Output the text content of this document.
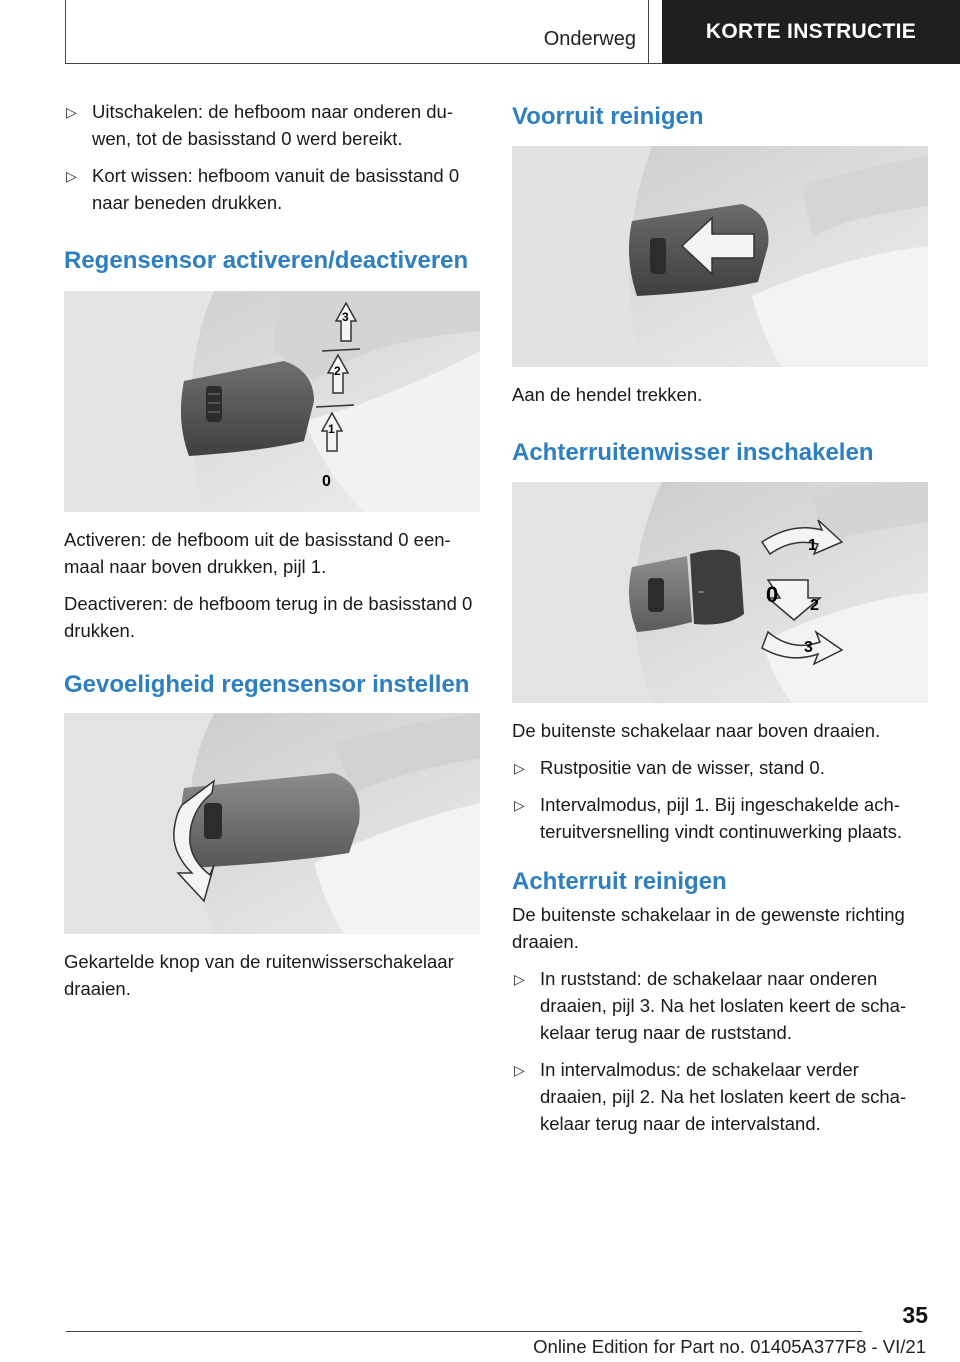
Onderweg	KORTE INSTRUCTIE
▷ Uitschakelen: de hefboom naar onderen duwen, tot de basisstand 0 werd bereikt.
▷ Kort wissen: hefboom vanuit de basisstand 0 naar beneden drukken.
Regensensor activeren/deactiveren
3
2
1
0

Activeren: de hefboom uit de basisstand 0 eenmaal naar boven drukken, pijl 1.

Deactiveren: de hefboom terug in de basisstand 0 drukken.

Gevoeligheid regensensor instellen

Gekartelde knop van de ruitenwisserschakelaar draaien.

Voorruit reinigen

Aan de hendel trekken.

Achterruitenwisser inschakelen
1
0 2
3

De buitenste schakelaar naar boven draaien.

▷ Rustpositie van de wisser, stand 0.
▷ Intervalmodus, pijl 1. Bij ingeschakelde achteruitversnelling vindt continuwerking plaats.
Achterruit reinigen

De buitenste schakelaar in de gewenste richting draaien.

▷ In ruststand: de schakelaar naar onderen draaien, pijl 3. Na het loslaten keert de schakelaar terug naar de ruststand.
▷ In intervalmodus: de schakelaar verder draaien, pijl 2. Na het loslaten keert de schakelaar terug naar de intervalstand.
35
Online Edition for Part no. 01405A377F8 - VI/21
